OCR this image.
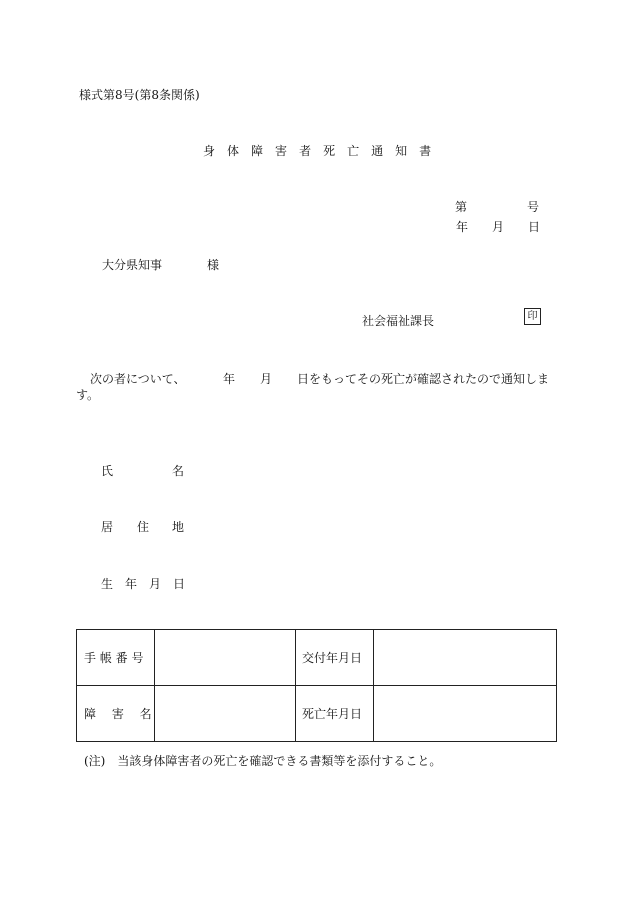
様式第8号(第8条関係)
身 体 障 害 者 死 亡 通 知 書
第	号
年 月 日
大分県知事	様
社会福祉課長	印
次の者について、	年 月 日をもってその死亡が確認されたので通知しま
す。
氏	名
居 住 地
生 年 月 日
手 帳 番 号		交付年月日	
障　 害　 名		死亡年月日	
(注)　当該身体障害者の死亡を確認できる書類等を添付すること。
